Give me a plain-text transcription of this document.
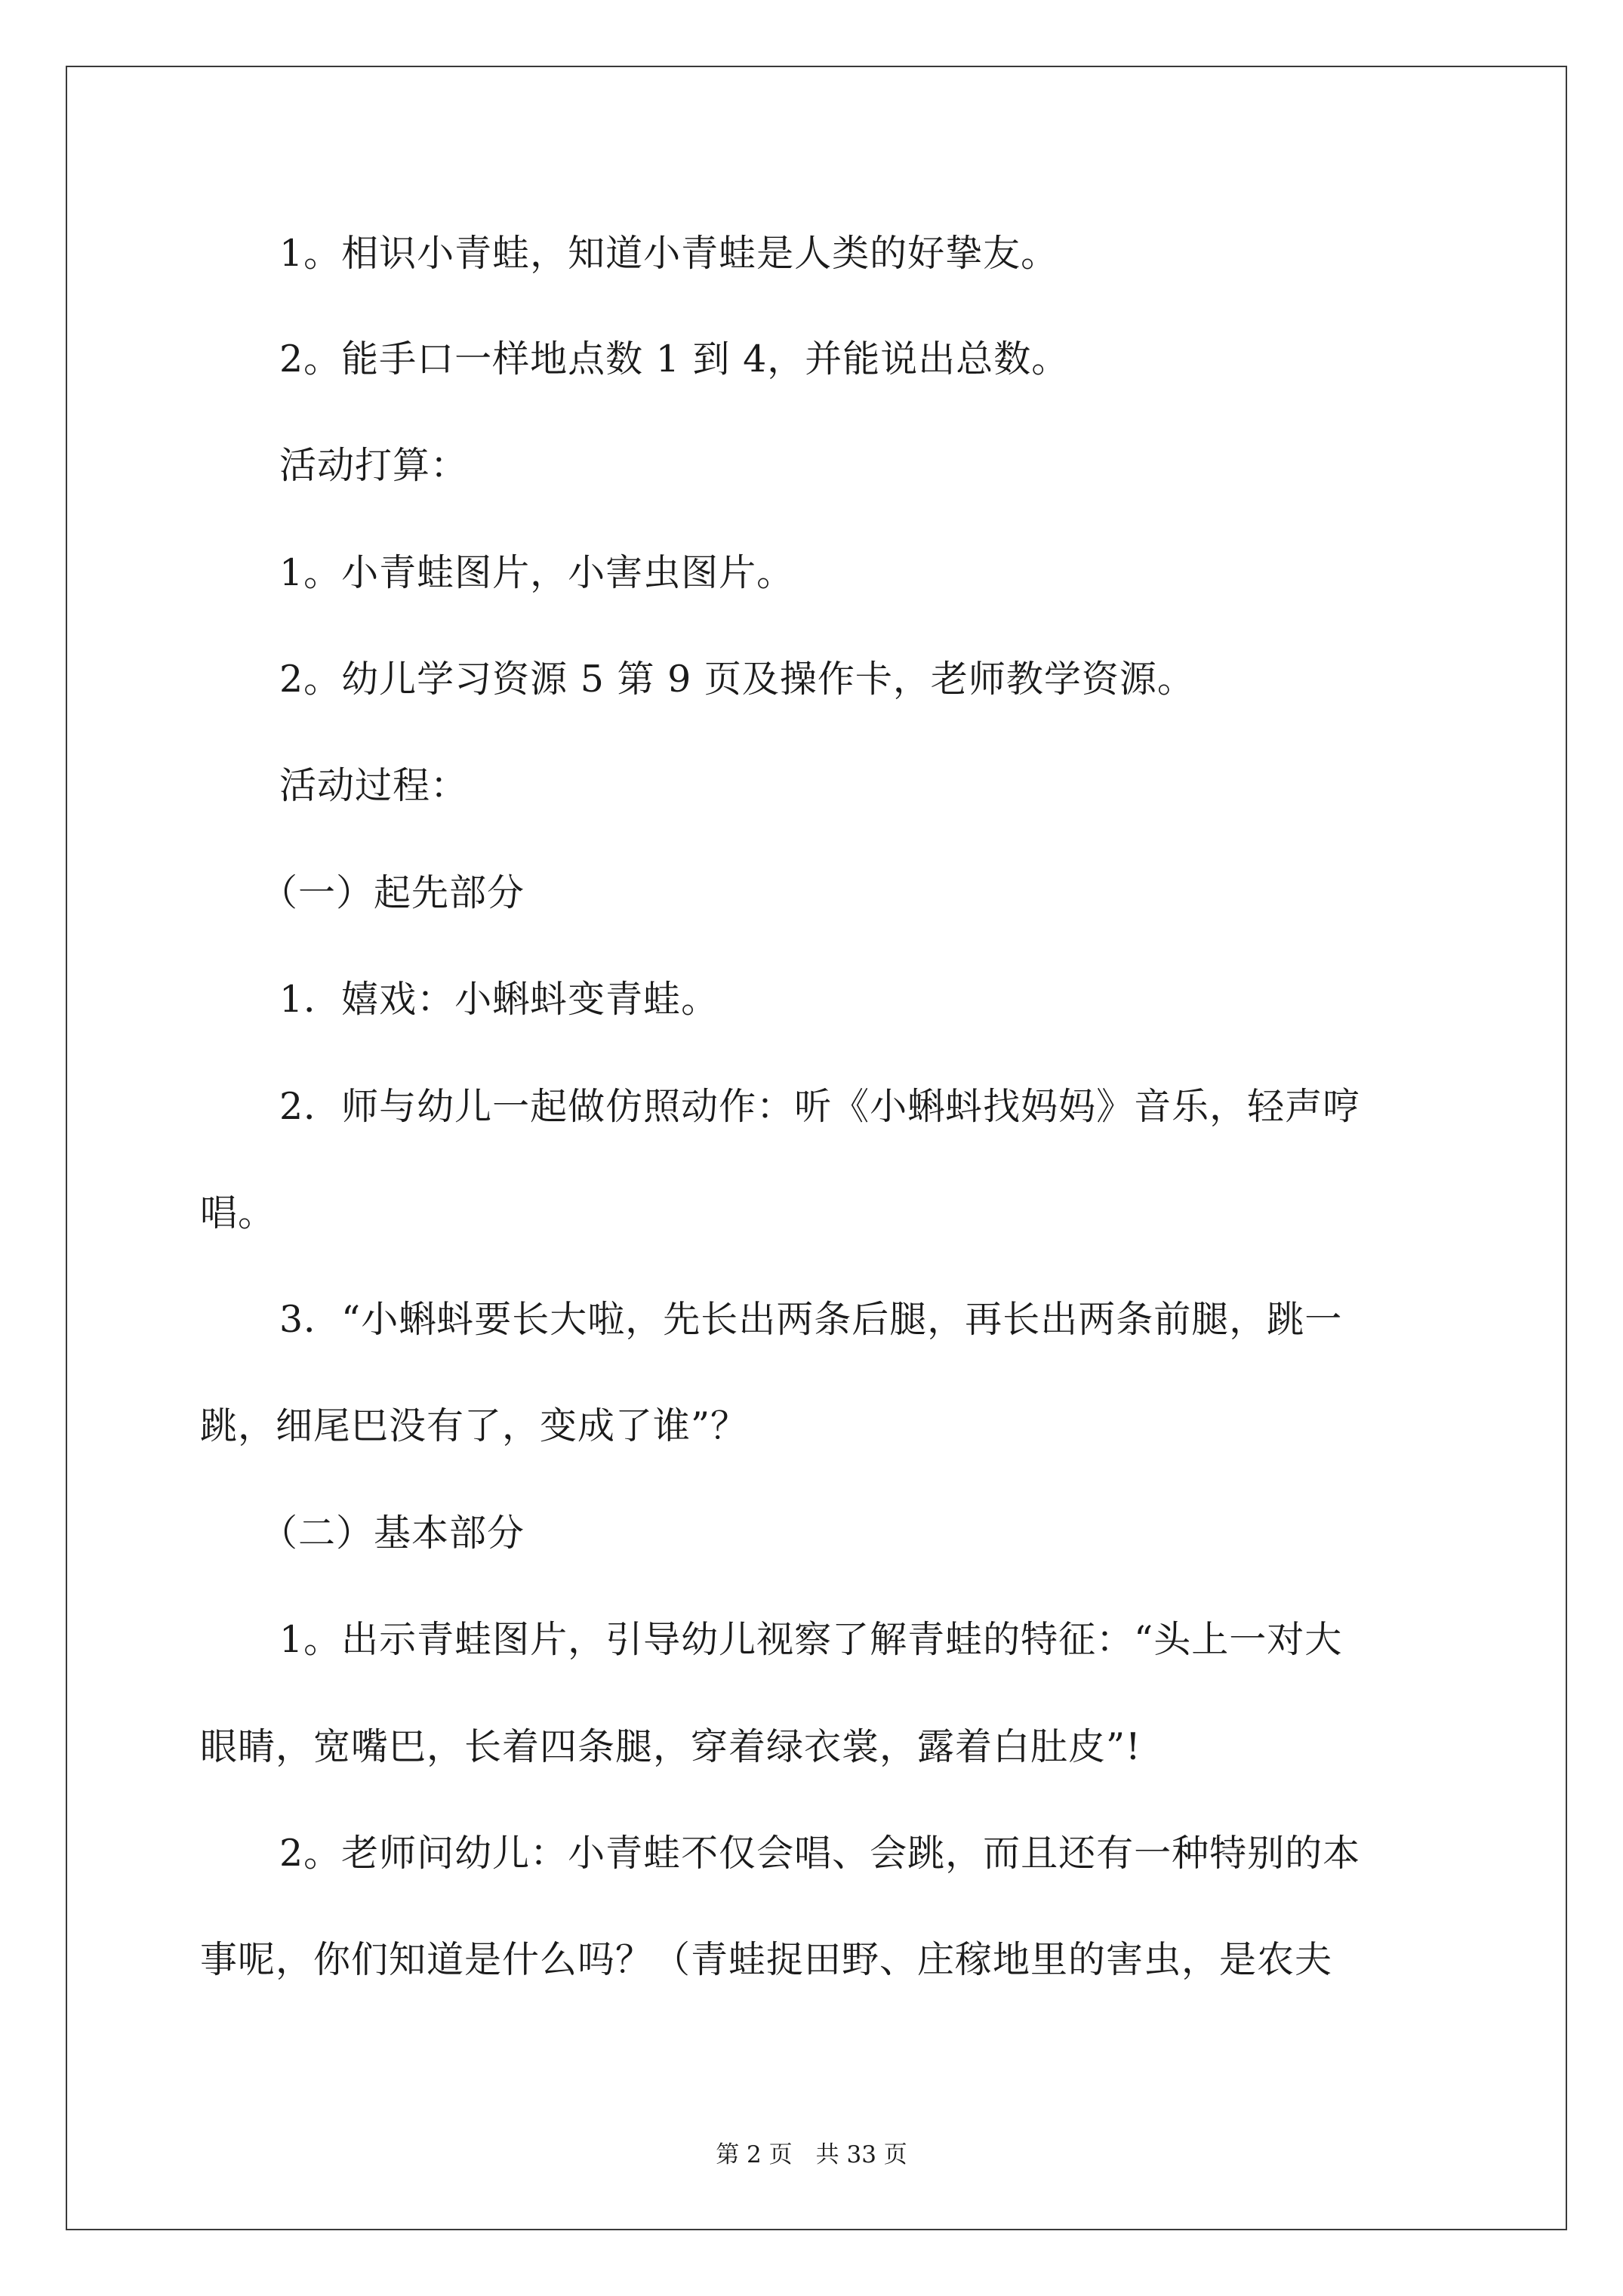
1。相识小青蛙，知道小青蛙是人类的好挚友。

2。能手口一样地点数 1 到 4，并能说出总数。

活动打算：

1。小青蛙图片，小害虫图片。

2。幼儿学习资源 5 第 9 页及操作卡，老师教学资源。

活动过程：

（一）起先部分

1．嬉戏：小蝌蚪变青蛙。

2．师与幼儿一起做仿照动作：听《小蝌蚪找妈妈》音乐，轻声哼

唱。

3．“小蝌蚪要长大啦，先长出两条后腿，再长出两条前腿，跳一

跳，细尾巴没有了，变成了谁”？

（二）基本部分

1。出示青蛙图片，引导幼儿视察了解青蛙的特征：“头上一对大

眼睛，宽嘴巴，长着四条腿，穿着绿衣裳，露着白肚皮”!

2。老师问幼儿：小青蛙不仅会唱、会跳，而且还有一种特别的本

事呢，你们知道是什么吗？（青蛙捉田野、庄稼地里的害虫，是农夫

第 2 页　共 33 页
